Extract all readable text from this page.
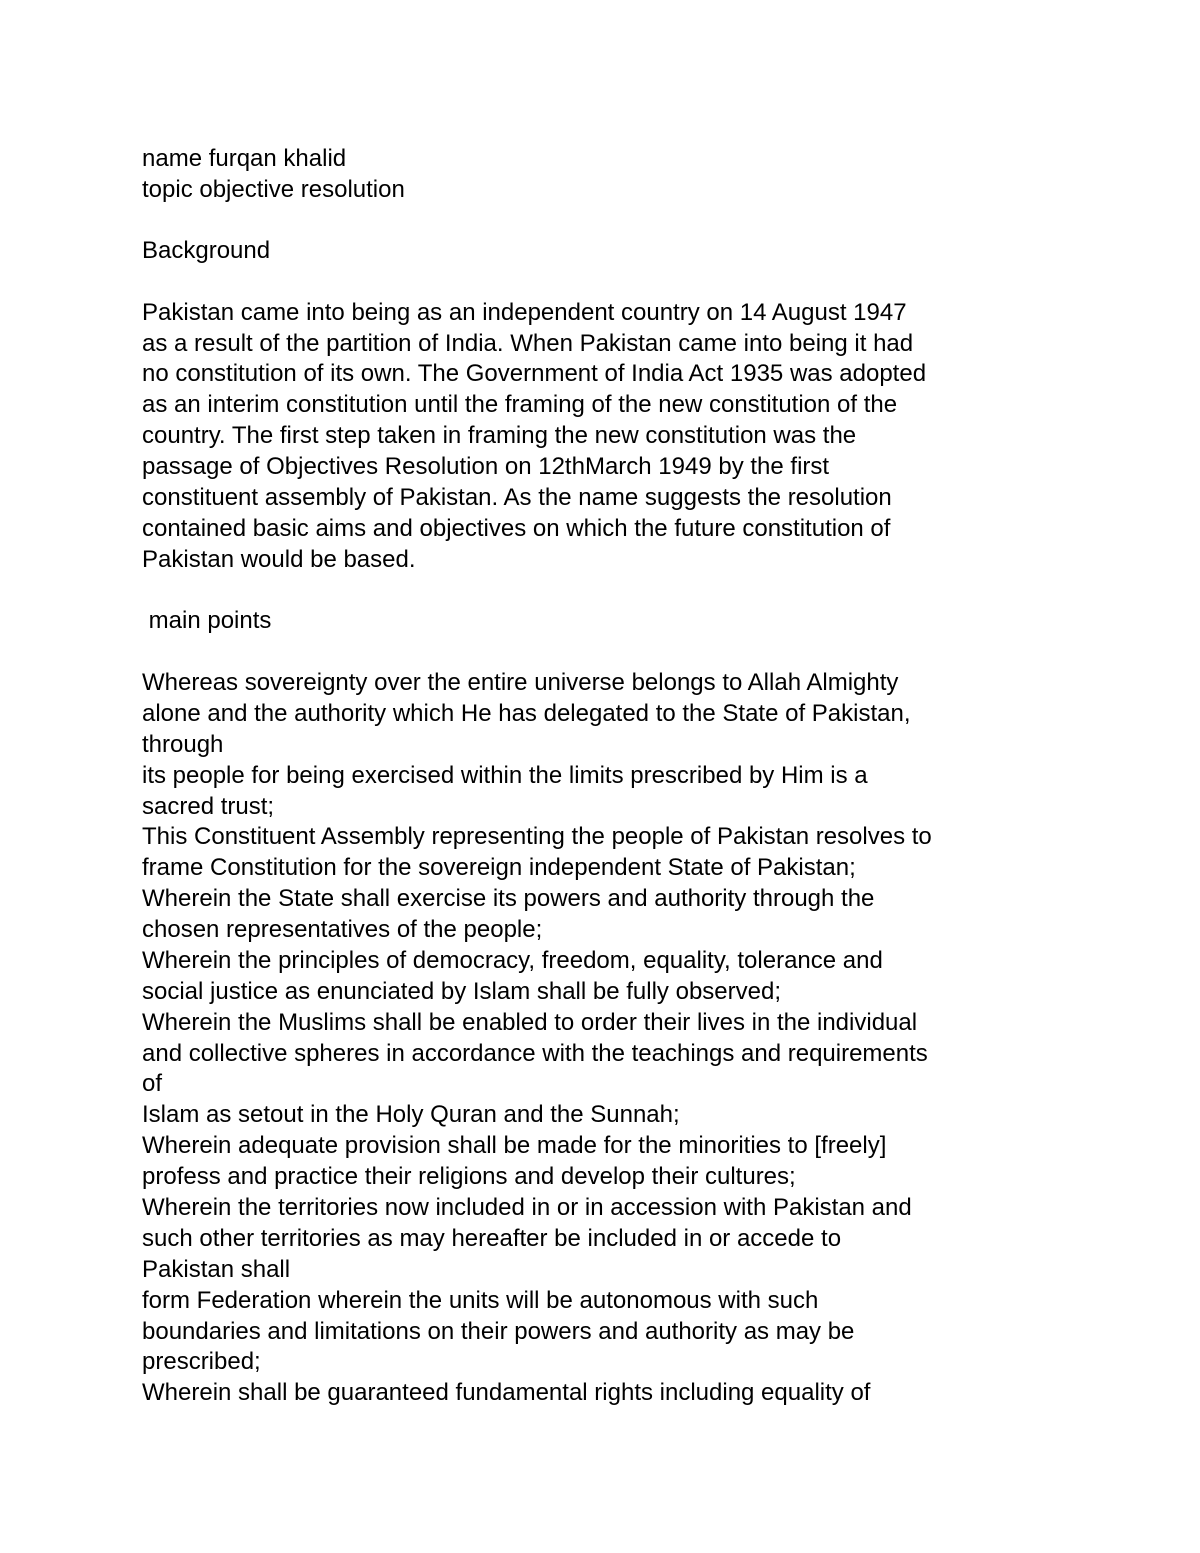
name furqan khalid

topic objective resolution

Background

Pakistan came into being as an independent country on 14 August 1947

as a result of the partition of India. When Pakistan came into being it had

no constitution of its own. The Government of India Act 1935 was adopted

as an interim constitution until the framing of the new constitution of the

country. The first step taken in framing the new constitution was the

passage of Objectives Resolution on 12thMarch 1949 by the first

constituent assembly of Pakistan. As the name suggests the resolution

contained basic aims and objectives on which the future constitution of

Pakistan would be based.

main points

Whereas sovereignty over the entire universe belongs to Allah Almighty

alone and the authority which He has delegated to the State of Pakistan,

through

its people for being exercised within the limits prescribed by Him is a

sacred trust;

This Constituent Assembly representing the people of Pakistan resolves to

frame Constitution for the sovereign independent State of Pakistan;

Wherein the State shall exercise its powers and authority through the

chosen representatives of the people;

Wherein the principles of democracy, freedom, equality, tolerance and

social justice as enunciated by Islam shall be fully observed;

Wherein the Muslims shall be enabled to order their lives in the individual

and collective spheres in accordance with the teachings and requirements

of

Islam as setout in the Holy Quran and the Sunnah;

Wherein adequate provision shall be made for the minorities to [freely]

profess and practice their religions and develop their cultures;

Wherein the territories now included in or in accession with Pakistan and

such other territories as may hereafter be included in or accede to

Pakistan shall

form Federation wherein the units will be autonomous with such

boundaries and limitations on their powers and authority as may be

prescribed;

Wherein shall be guaranteed fundamental rights including equality of
